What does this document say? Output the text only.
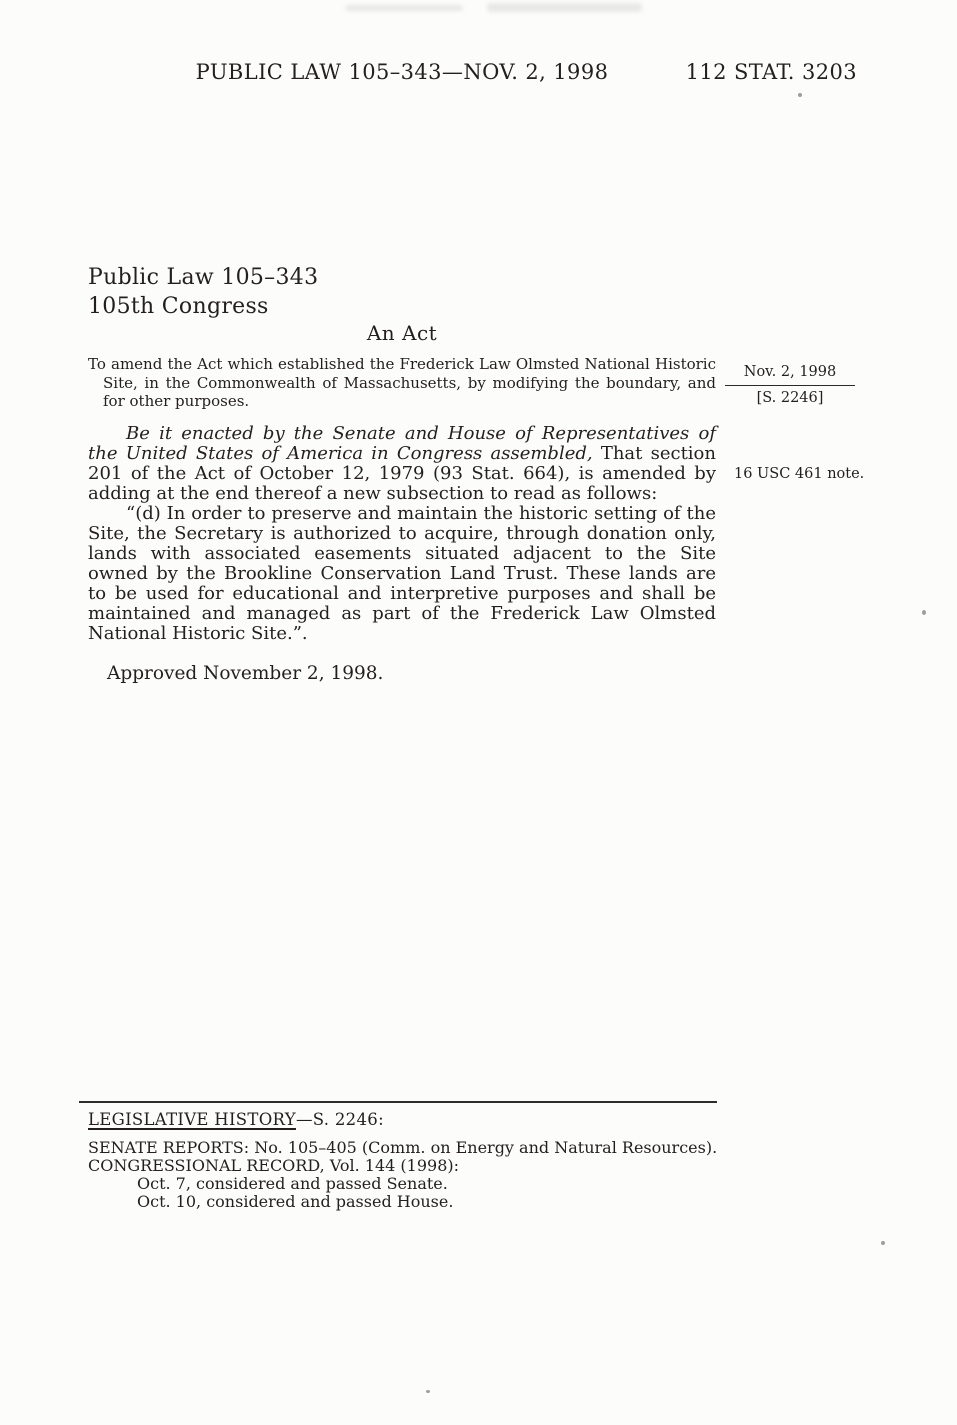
PUBLIC LAW 105–343—NOV. 2, 1998	112 STAT. 3203
Public Law 105–343
105th Congress
An Act

To amend the Act which established the Frederick Law Olmsted National Historic Site, in the Commonwealth of Massachusetts, by modifying the boundary, and for other purposes.

Nov. 2, 1998
[S. 2246]
16 USC 461 note.

Be it enacted by the Senate and House of Representatives of the United States of America in Congress assembled, That section 201 of the Act of October 12, 1979 (93 Stat. 664), is amended by adding at the end thereof a new subsection to read as follows:

“(d) In order to preserve and maintain the historic setting of the Site, the Secretary is authorized to acquire, through donation only, lands with associated easements situated adjacent to the Site owned by the Brookline Conservation Land Trust. These lands are to be used for educational and interpretive purposes and shall be maintained and managed as part of the Frederick Law Olmsted National Historic Site.”.

Approved November 2, 1998.

LEGISLATIVE HISTORY—S. 2246:
SENATE REPORTS: No. 105–405 (Comm. on Energy and Natural Resources).
CONGRESSIONAL RECORD, Vol. 144 (1998):
Oct. 7, considered and passed Senate.
Oct. 10, considered and passed House.
